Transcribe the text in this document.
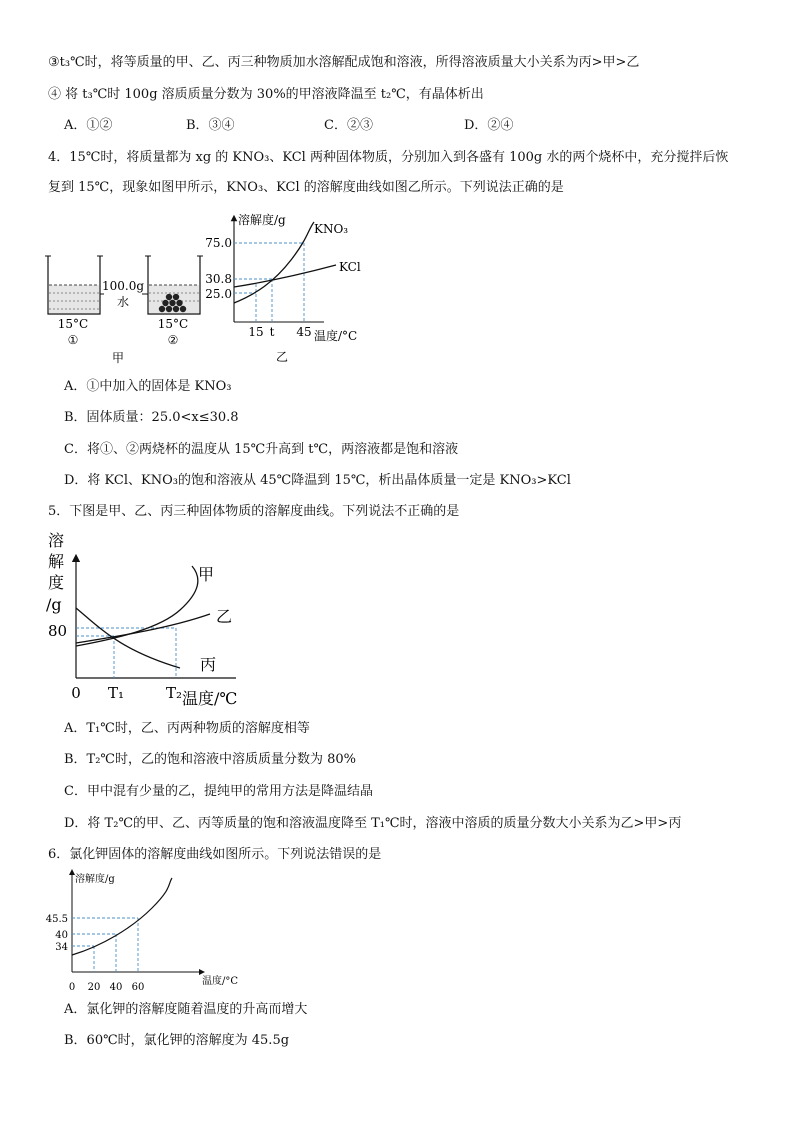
③t₃℃时，将等质量的甲、乙、丙三种物质加水溶解配成饱和溶液，所得溶液质量大小关系为丙>甲>乙
④ 将 t₃℃时 100g 溶质质量分数为 30%的甲溶液降温至 t₂℃，有晶体析出
A．①②	B．③④	C．②③	D．②④
4．15℃时，将质量都为 xg 的 KNO₃、KCl 两种固体物质，分别加入到各盛有 100g 水的两个烧杯中，充分搅拌后恢
复到 15℃，现象如图甲所示，KNO₃、KCl 的溶解度曲线如图乙所示。下列说法正确的是
100.0g
水
15°C	15°C
①	②
甲
溶解度/g
温度/°C
75.0
30.8
25.0
15 t 45
KNO₃
KCl
乙
A．①中加入的固体是 KNO₃
B．固体质量：25.0<x≤30.8
C．将①、②两烧杯的温度从 15℃升高到 t℃，两溶液都是饱和溶液
D．将 KCl、KNO₃的饱和溶液从 45℃降温到 15℃，析出晶体质量一定是 KNO₃>KCl
5．下图是甲、乙、丙三种固体物质的溶解度曲线。下列说法不正确的是
溶
解
度
/g
80
0 T₁	T₂ 温度/℃
甲
乙
丙
A．T₁℃时，乙、丙两种物质的溶解度相等
B．T₂℃时，乙的饱和溶液中溶质质量分数为 80%
C．甲中混有少量的乙，提纯甲的常用方法是降温结晶
D．将 T₂℃的甲、乙、丙等质量的饱和溶液温度降至 T₁℃时，溶液中溶质的质量分数大小关系为乙>甲>丙
6．氯化钾固体的溶解度曲线如图所示。下列说法错误的是
溶解度/g
温度/°C
45.5
40
34
0 20 40 60
A．氯化钾的溶解度随着温度的升高而增大
B．60℃时，氯化钾的溶解度为 45.5g
